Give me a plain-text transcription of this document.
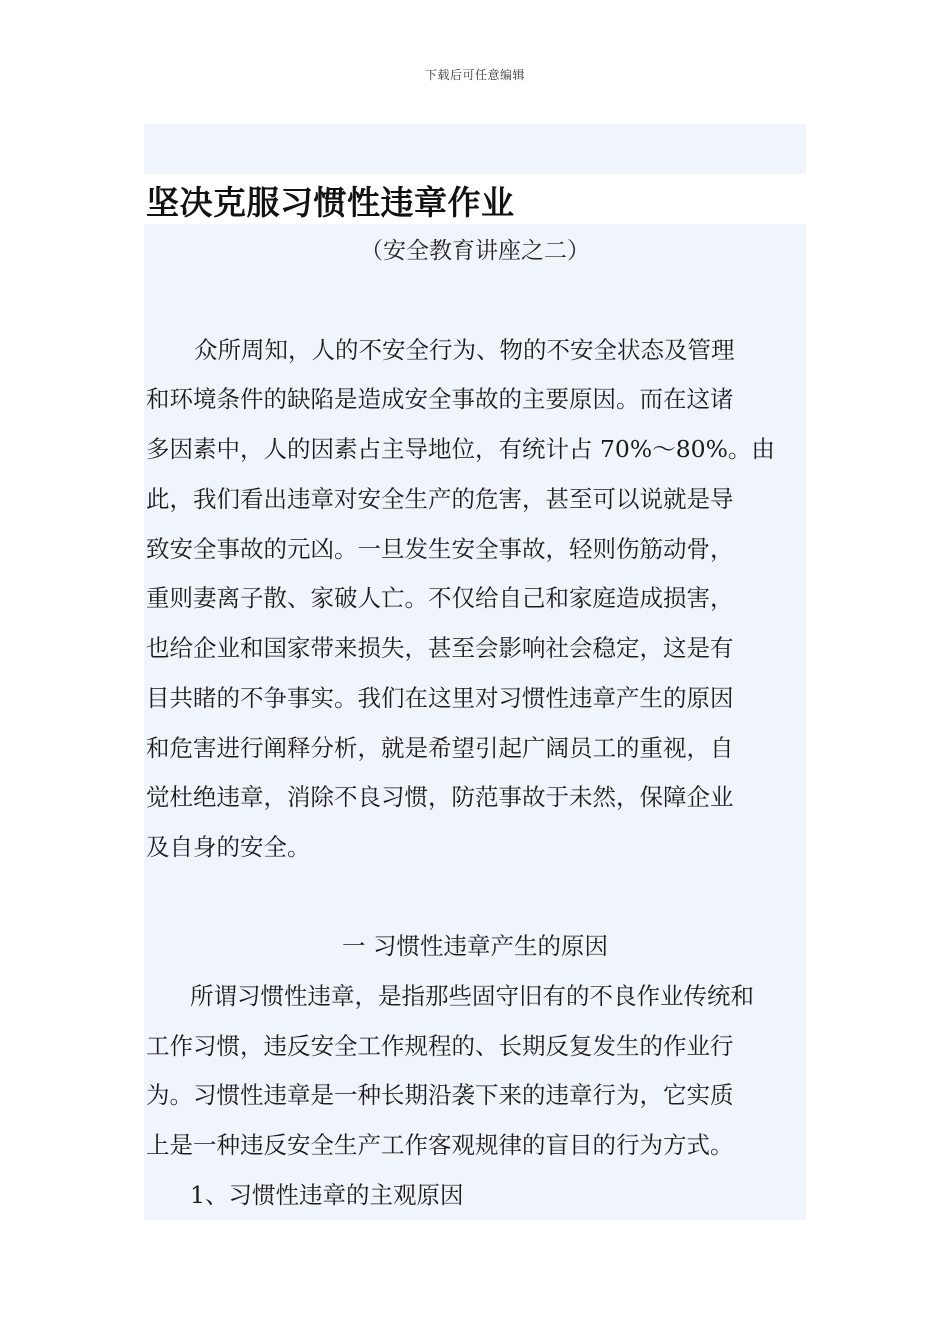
下载后可任意编辑
坚决克服习惯性违章作业
（安全教育讲座之二）
众所周知，人的不安全行为、物的不安全状态及管理
和环境条件的缺陷是造成安全事故的主要原因。而在这诸
多因素中，人的因素占主导地位，有统计占 70%～80%。由
此，我们看出违章对安全生产的危害，甚至可以说就是导
致安全事故的元凶。一旦发生安全事故，轻则伤筋动骨，
重则妻离子散、家破人亡。不仅给自己和家庭造成损害，
也给企业和国家带来损失，甚至会影响社会稳定，这是有
目共睹的不争事实。我们在这里对习惯性违章产生的原因
和危害进行阐释分析，就是希望引起广阔员工的重视，自
觉杜绝违章，消除不良习惯，防范事故于未然，保障企业
及自身的安全。
一 习惯性违章产生的原因
所谓习惯性违章，是指那些固守旧有的不良作业传统和
工作习惯，违反安全工作规程的、长期反复发生的作业行
为。习惯性违章是一种长期沿袭下来的违章行为，它实质
上是一种违反安全生产工作客观规律的盲目的行为方式。
1、习惯性违章的主观原因
